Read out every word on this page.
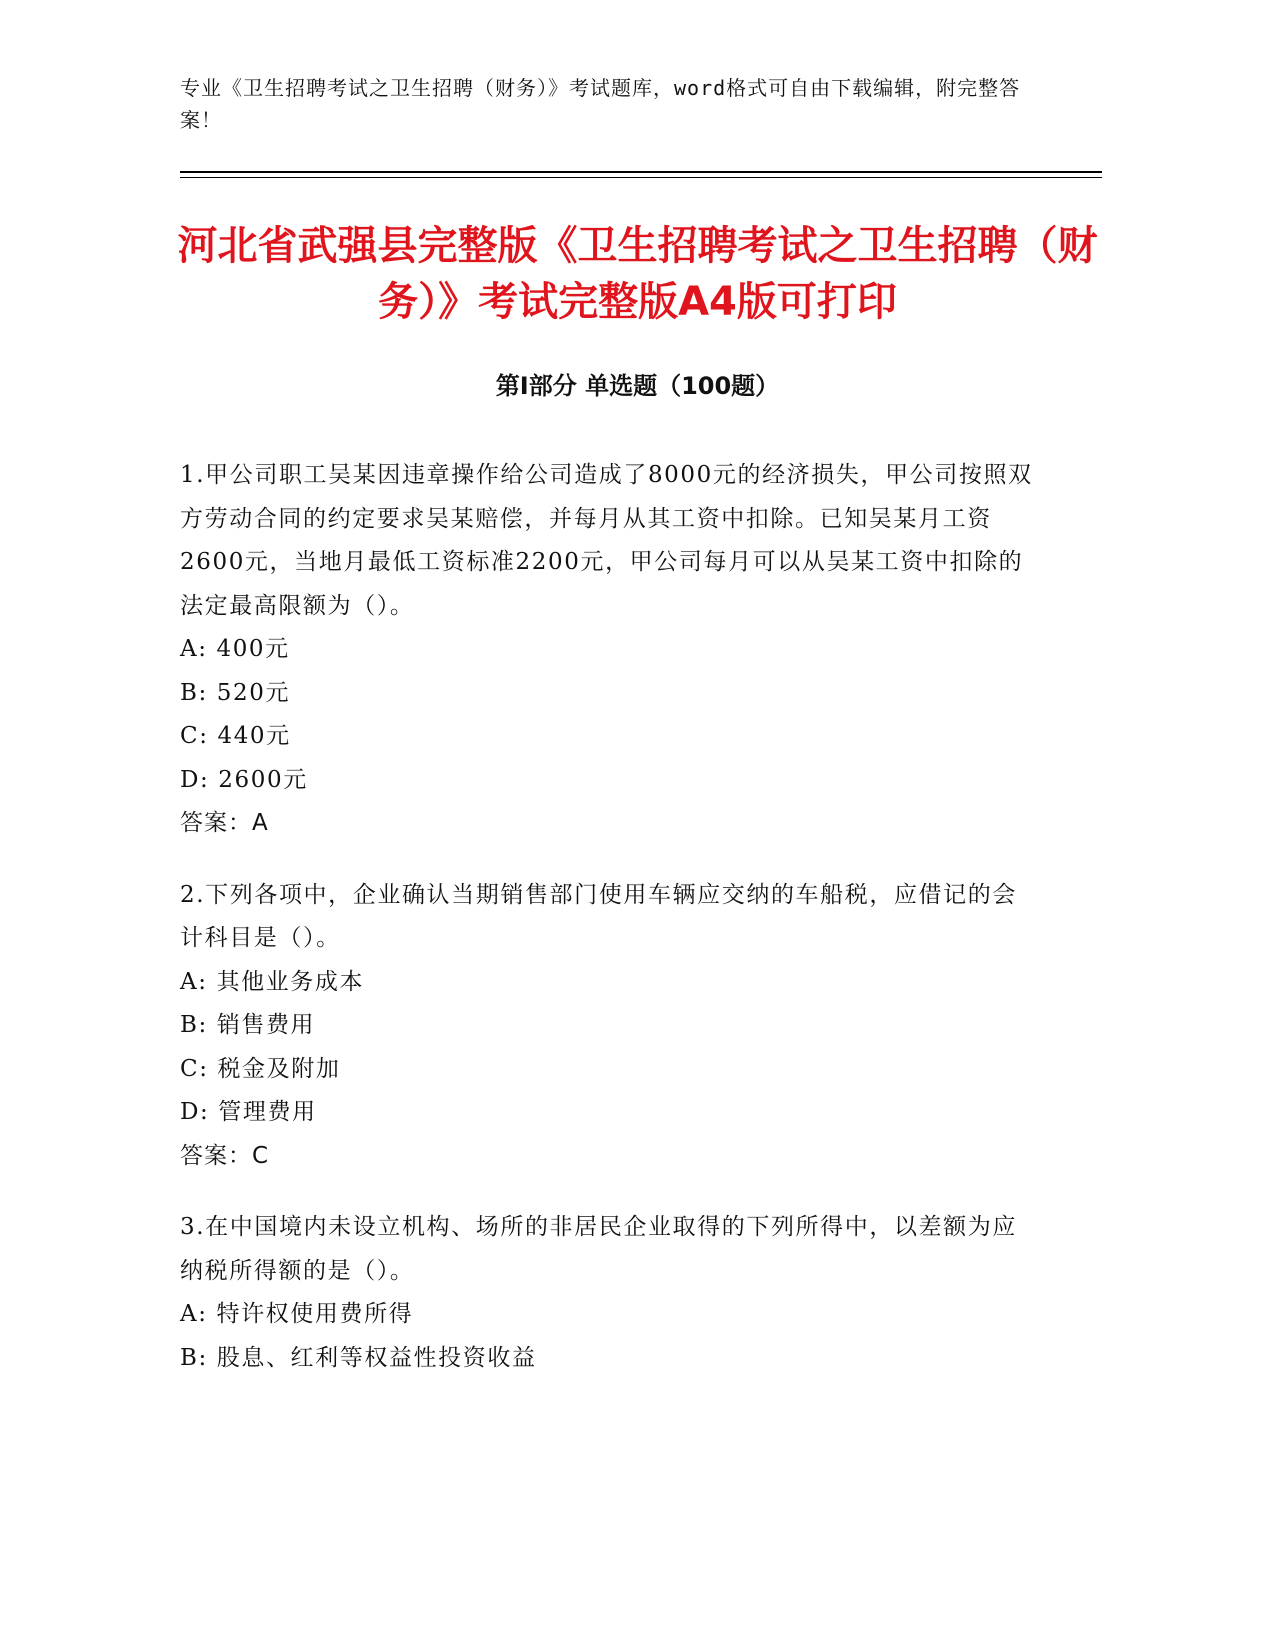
专业《卫生招聘考试之卫生招聘（财务）》考试题库，word格式可自由下载编辑，附完整答案！
河北省武强县完整版《卫生招聘考试之卫生招聘（财务）》考试完整版A4版可打印
第Ⅰ部分 单选题（100题）

1.甲公司职工吴某因违章操作给公司造成了8000元的经济损失，甲公司按照双方劳动合同的约定要求吴某赔偿，并每月从其工资中扣除。已知吴某月工资2600元，当地月最低工资标准2200元，甲公司每月可以从吴某工资中扣除的法定最高限额为（）。

A: 400元

B: 520元

C: 440元

D: 2600元

答案：A

2.下列各项中，企业确认当期销售部门使用车辆应交纳的车船税，应借记的会计科目是（）。

A: 其他业务成本

B: 销售费用

C: 税金及附加

D: 管理费用

答案：C

3.在中国境内未设立机构、场所的非居民企业取得的下列所得中，以差额为应纳税所得额的是（）。

A: 特许权使用费所得

B: 股息、红利等权益性投资收益
